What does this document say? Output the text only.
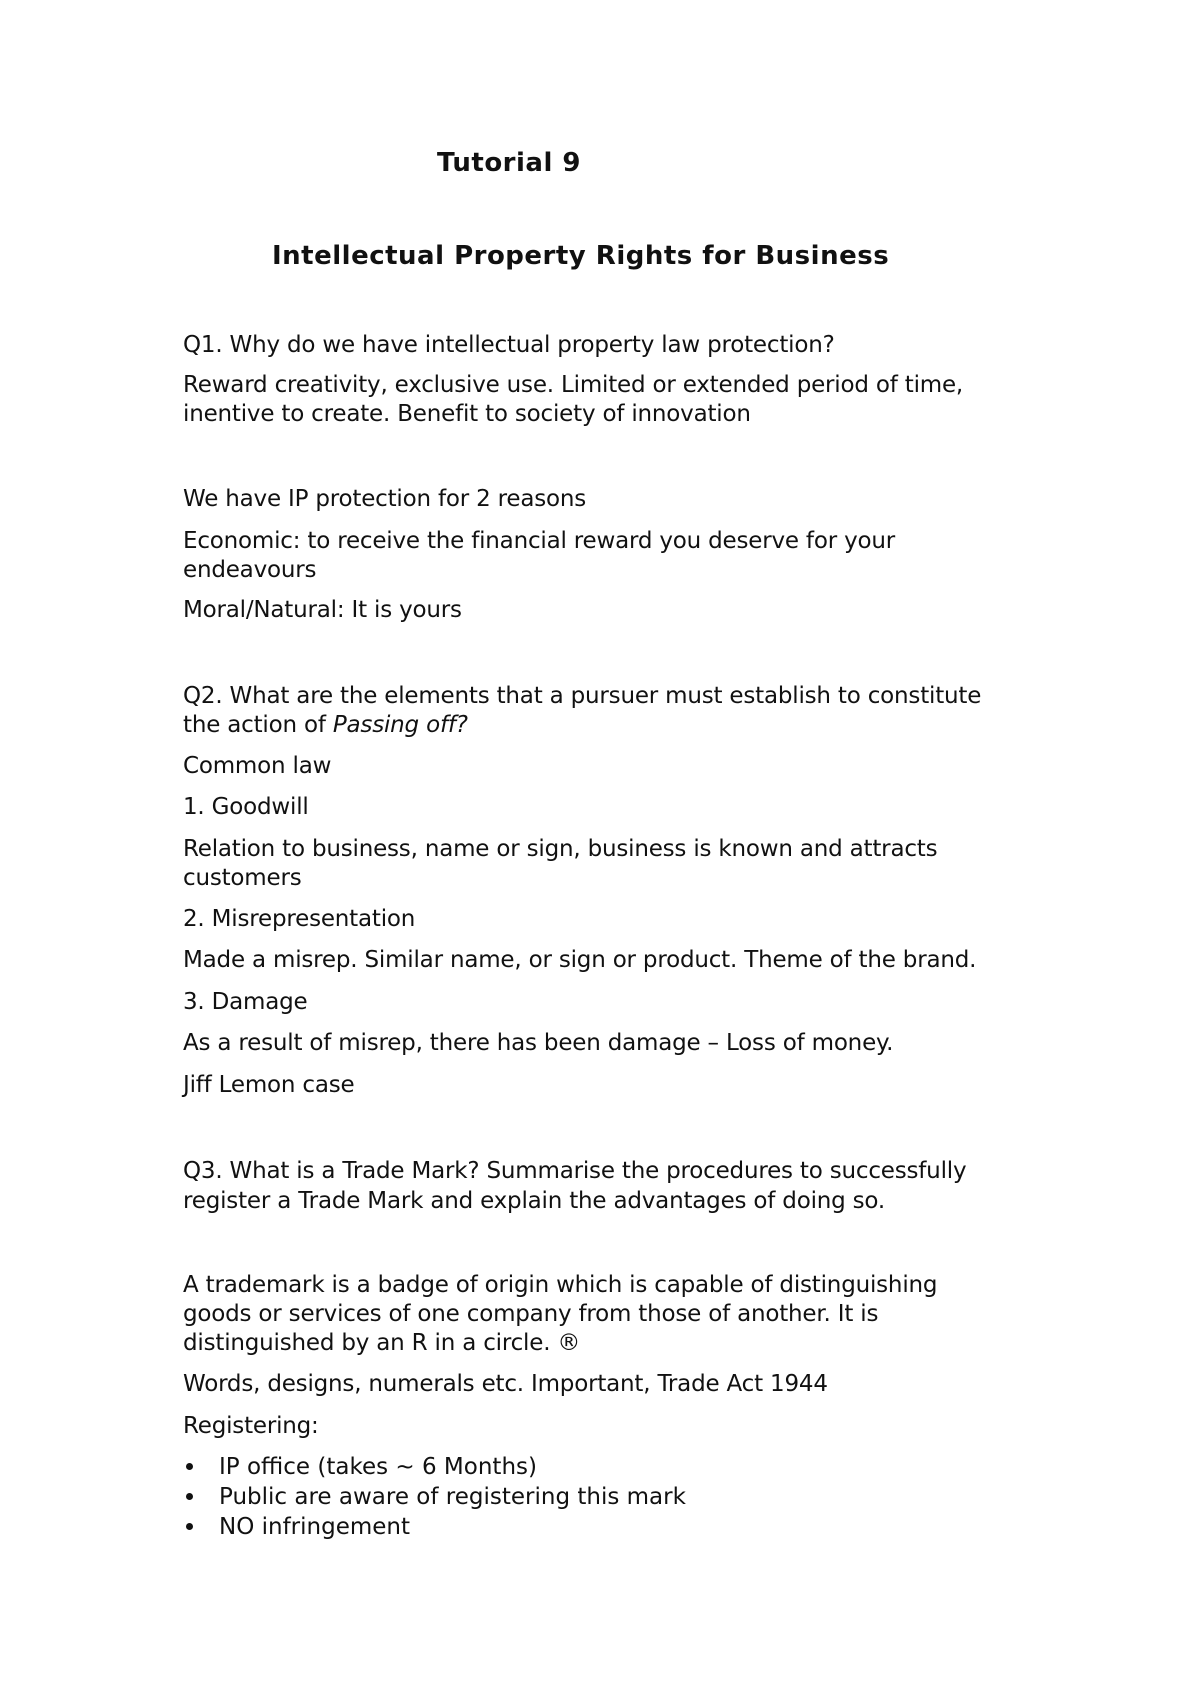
Tutorial 9
Intellectual Property Rights for Business
Q1. Why do we have intellectual property law protection?
Reward creativity, exclusive use. Limited or extended period of time,
inentive to create. Benefit to society of innovation
We have IP protection for 2 reasons
Economic: to receive the financial reward you deserve for your
endeavours
Moral/Natural: It is yours
Q2. What are the elements that a pursuer must establish to constitute
the action of Passing off?
Common law
1. Goodwill
Relation to business, name or sign, business is known and attracts
customers
2. Misrepresentation
Made a misrep. Similar name, or sign or product. Theme of the brand.
3. Damage
As a result of misrep, there has been damage – Loss of money.
Jiff Lemon case
Q3. What is a Trade Mark? Summarise the procedures to successfully
register a Trade Mark and explain the advantages of doing so.
A trademark is a badge of origin which is capable of distinguishing
goods or services of one company from those of another. It is
distinguished by an R in a circle. ®
Words, designs, numerals etc. Important, Trade Act 1944
Registering:
IP office (takes ~ 6 Months)
Public are aware of registering this mark
NO infringement
